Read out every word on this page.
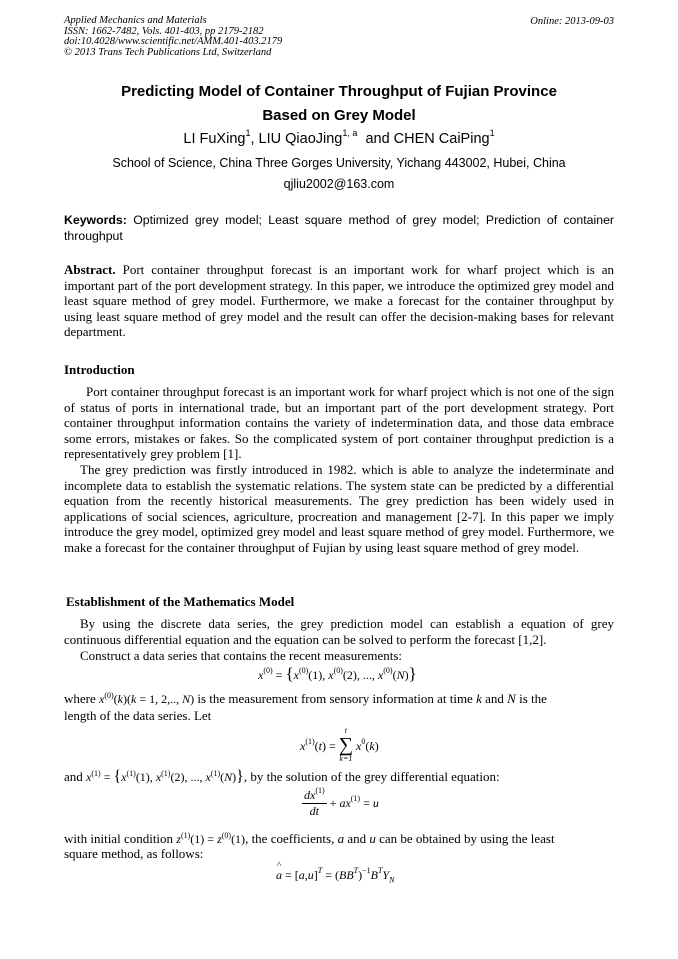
Applied Mechanics and Materials
ISSN: 1662-7482, Vols. 401-403, pp 2179-2182
doi:10.4028/www.scientific.net/AMM.401-403.2179
© 2013 Trans Tech Publications Ltd, Switzerland
Online: 2013-09-03
Predicting Model of Container Throughput of Fujian Province
Based on Grey Model
LI FuXing$^1$, LIU QiaoJing$^{1, a}$ and CHEN CaiPing$^1$
School of Science, China Three Gorges University, Yichang 443002, Hubei, China
qjliu2002@163.com
Keywords: Optimized grey model; Least square method of grey model; Prediction of container throughput
Abstract. Port container throughput forecast is an important work for wharf project which is an important part of the port development strategy. In this paper, we introduce the optimized grey model and least square method of grey model. Furthermore, we make a forecast for the container throughput by using least square method of grey model and the result can offer the decision-making bases for relevant department.
Introduction
Port container throughput forecast is an important work for wharf project which is not one of the sign of status of ports in international trade, but an important part of the port development strategy. Port container throughput information contains the variety of indetermination data, and those data embrace some errors, mistakes or fakes. So the complicated system of port container throughput prediction is a representatively grey problem [1].
The grey prediction was firstly introduced in 1982. which is able to analyze the indeterminate and incomplete data to establish the systematic relations. The system state can be predicted by a differential equation from the recently historical measurements. The grey prediction has been widely used in applications of social sciences, agriculture, procreation and management [2-7]. In this paper we imply introduce the grey model, optimized grey model and least square method of grey model. Furthermore, we make a forecast for the container throughput of Fujian by using least square method of grey model.
Establishment of the Mathematics Model
By using the discrete data series, the grey prediction model can establish a equation of grey continuous differential equation and the equation can be solved to perform the forecast [1,2].
Construct a data series that contains the recent measurements:
$x^{(0)} = \{x^{(0)}(1)$, $x^{(0)}(2)$, ..., $x^{(0)}(N)$}
where $x^{(0)}(k)(k = 1$, 2,.., N) is the measurement from sensory information at time k and N is the
length of the data series. Let
$x^{(1)}(t)$ =
t
∑
k=1
$x^0(k)$
and $x^{(1)} = \{x^{(1)}(1)$, $x^{(1)}(2)$, ..., $x^{(1)}(N)$}, by the solution of the grey differential equation:
$\frac{dx^{(1)}}{dt} + ax^{(1)} = u$
with initial condition $z^{(1)}(1) = z^{(0)}(1)$, the coefficients, a and u can be obtained by using the least
square method, as follows:
^
$a = [a,u]^T = (BB^T)^{-1}B^TY_N$
